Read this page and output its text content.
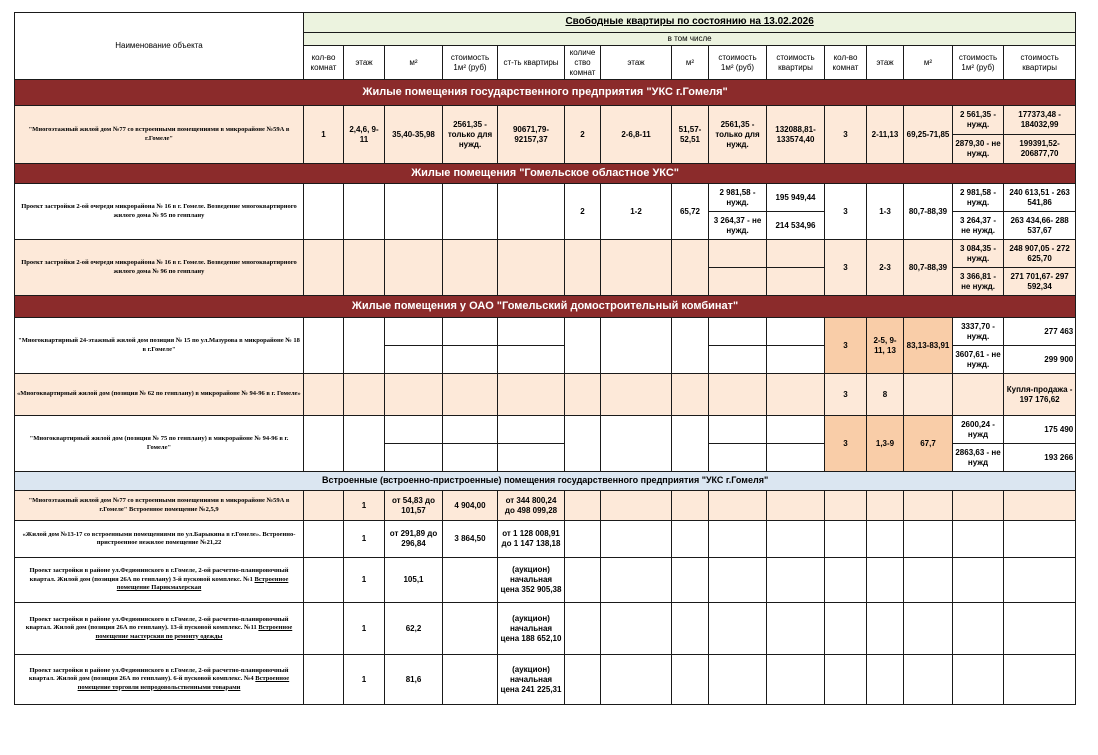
Наименование объекта	Свободные квартиры по состоянию на 13.02.2026														
	в том числе														
	кол-во комнат	этаж	м²	стоимость 1м² (руб)	ст-ть квартиры	количе ство комнат	этаж	м²	стоимость 1м² (руб)	стоимость квартиры	кол-во комнат	этаж	м²	стоимость 1м² (руб)	стоимость квартиры
Жилые помещения государственного предприятия "УКС г.Гомеля"															
"Многоэтажный жилой дом №77 со встроенными помещениями в микрорайоне №59А в г.Гомеле"	1	2,4,6, 9-11	35,40-35,98	2561,35 - только для нужд.	90671,79- 92157,37	2	2-6,8-11	51,57- 52,51	2561,35 - только для нужд.	132088,81- 133574,40	3	2-11,13	69,25-71,85	2 561,35 - нужд.	177373,48 - 184032,99
														2879,30 - не нужд.	199391,52- 206877,70
Жилые помещения "Гомельское областное УКС"															
Проект застройки 2-ой очереди микрорайона № 16 в г. Гомеле. Возведение многоквартирного жилого дома № 95 по генплану						2	1-2	65,72	2 981,58 - нужд.	195 949,44	3	1-3	80,7-88,39	2 981,58 - нужд.	240 613,51 - 263 541,86
									3 264,37 - не нужд.	214 534,96				3 264,37 - не нужд.	263 434,66- 288 537,67
Проект застройки 2-ой очереди микрорайона № 16 в г. Гомеле. Возведение многоквартирного жилого дома № 96 по генплану											3	2-3	80,7-88,39	3 084,35 - нужд.	248 907,05 - 272 625,70
														3 366,81 - не нужд.	271 701,67- 297 592,34
Жилые помещения у ОАО "Гомельский домостроительный комбинат"															
"Многоквартирный 24-этажный жилой дом позиция № 15 по ул.Мазурова в микрорайоне № 18 в г.Гомеле"											3	2-5, 9- 11, 13	83,13-83,91	3337,70 - нужд.	277 463
														3607,61 - не нужд.	299 900
«Многоквартирный жилой дом (позиция № 62 по генплану) в микрорайоне № 94-96 в г. Гомеле»											3	8			Купля-продажа - 197 176,62
"Многоквартирный жилой дом (позиция № 75 по генплану) в микрорайоне № 94-96 в г. Гомеле"											3	1,3-9	67,7	2600,24 - нужд	175 490
														2863,63 - не нужд	193 266
Встроенные (встроенно-пристроенные) помещения государственного предприятия "УКС г.Гомеля"															
"Многоэтажный жилой дом №77 со встроенными помещениями в микрорайоне №59А в г.Гомеле" Встроенное помещение №2,5,9		1	от 54,83 до 101,57	4 904,00	от 344 800,24 до 498 099,28										
«Жилой дом №13-17 со встроенными помещениями по ул.Барыкина в г.Гомеле». Встроенно-пристроенное нежилое помещение №21,22		1	от 291,89 до 296,84	3 864,50	от 1 128 008,91 до 1 147 138,18										
Проект застройки в районе ул.Федюнинского в г.Гомеле, 2-ой расчетно-планировочный квартал. Жилой дом (позиция 26А по генплану) 3-й пусковой комплекс. №1 Встроенное помещение Парикмахерская		1	105,1		(аукцион) начальная цена 352 905,38										
Проект застройки в районе ул.Федюнинского в г.Гомеле, 2-ой расчетно-планировочный квартал. Жилой дом (позиция 26А по генплану). 13-й пусковой комплекс. №11 Встроенное помещение мастерския по ремонту одежды		1	62,2		(аукцион) начальная цена 188 652,10										
Проект застройки в районе ул.Федюнинского в г.Гомеле, 2-ой расчетно-планировочный квартал. Жилой дом (позиция 26А по генплану). 6-й пусковой комплекс. №4 Встроенное помещение торговли непродовольственными товарами		1	81,6		(аукцион) начальная цена 241 225,31										
